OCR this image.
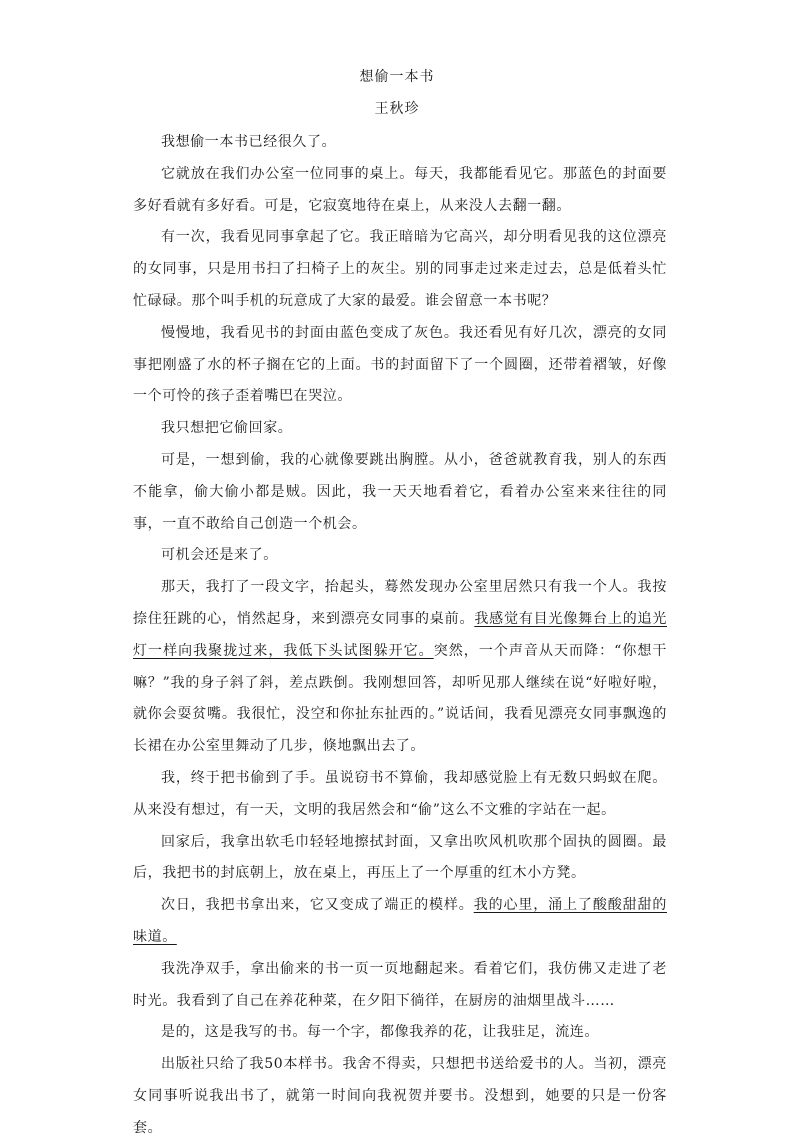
想偷一本书
王秋珍

我想偷一本书已经很久了。

它就放在我们办公室一位同事的桌上。每天，我都能看见它。那蓝色的封面要多好看就有多好看。可是，它寂寞地待在桌上，从来没人去翻一翻。

有一次，我看见同事拿起了它。我正暗暗为它高兴，却分明看见我的这位漂亮的女同事，只是用书扫了扫椅子上的灰尘。别的同事走过来走过去，总是低着头忙忙碌碌。那个叫手机的玩意成了大家的最爱。谁会留意一本书呢？

慢慢地，我看见书的封面由蓝色变成了灰色。我还看见有好几次，漂亮的女同事把刚盛了水的杯子搁在它的上面。书的封面留下了一个圆圈，还带着褶皱，好像一个可怜的孩子歪着嘴巴在哭泣。

我只想把它偷回家。

可是，一想到偷，我的心就像要跳出胸膛。从小，爸爸就教育我，别人的东西不能拿，偷大偷小都是贼。因此，我一天天地看着它，看着办公室来来往往的同事，一直不敢给自己创造一个机会。

可机会还是来了。

那天，我打了一段文字，抬起头，蓦然发现办公室里居然只有我一个人。我按捺住狂跳的心，悄然起身，来到漂亮女同事的桌前。我感觉有目光像舞台上的追光灯一样向我聚拢过来，我低下头试图躲开它。突然，一个声音从天而降：“你想干嘛？”我的身子斜了斜，差点跌倒。我刚想回答，却听见那人继续在说“好啦好啦，就你会耍贫嘴。我很忙，没空和你扯东扯西的。”说话间，我看见漂亮女同事飘逸的长裙在办公室里舞动了几步，倏地飘出去了。

我，终于把书偷到了手。虽说窃书不算偷，我却感觉脸上有无数只蚂蚁在爬。从来没有想过，有一天，文明的我居然会和“偷”这么不文雅的字站在一起。

回家后，我拿出软毛巾轻轻地擦拭封面，又拿出吹风机吹那个固执的圆圈。最后，我把书的封底朝上，放在桌上，再压上了一个厚重的红木小方凳。

次日，我把书拿出来，它又变成了端正的模样。我的心里，涌上了酸酸甜甜的味道。

我洗净双手，拿出偷来的书一页一页地翻起来。看着它们，我仿佛又走进了老时光。我看到了自己在养花种菜，在夕阳下徜徉，在厨房的油烟里战斗……

是的，这是我写的书。每一个字，都像我养的花，让我驻足，流连。

出版社只给了我50本样书。我舍不得卖，只想把书送给爱书的人。当初，漂亮女同事听说我出书了，就第一时间向我祝贺并要书。没想到，她要的只是一份客套。
